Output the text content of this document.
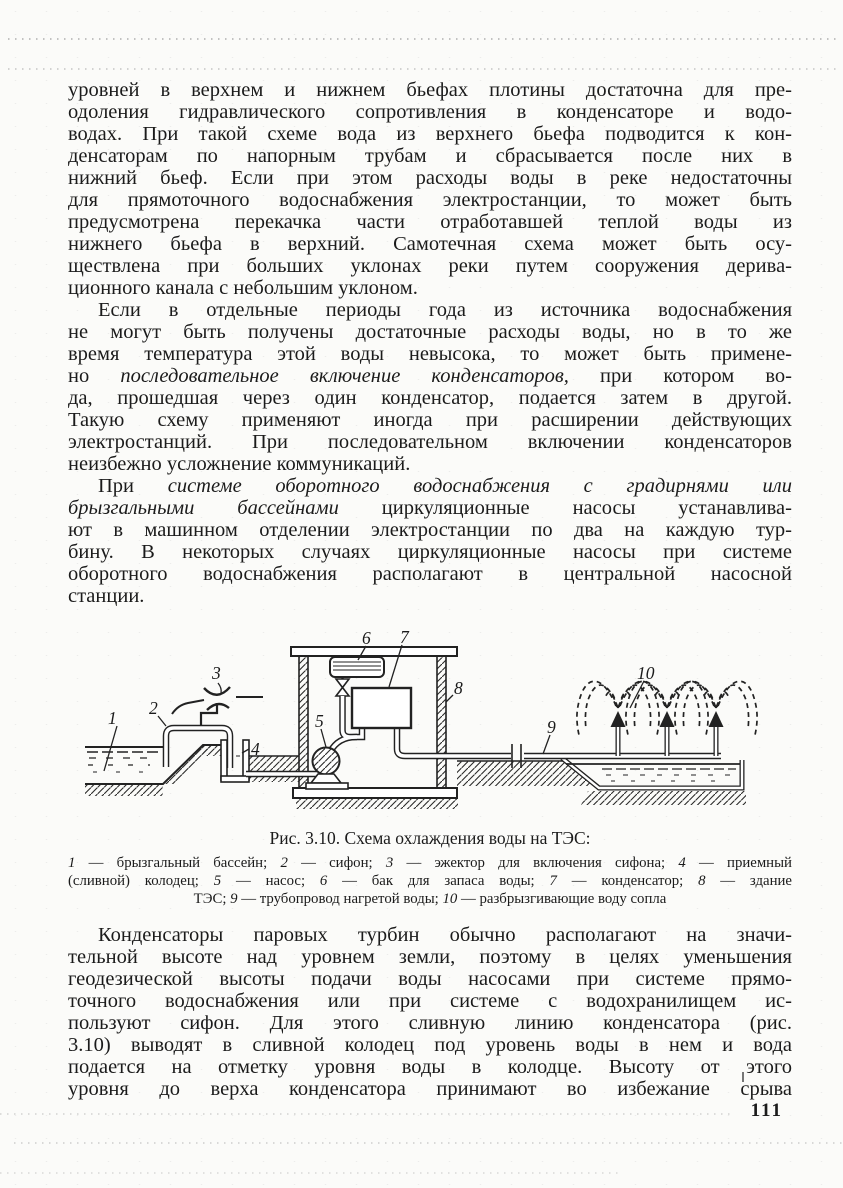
уровней в верхнем и нижнем бьефах плотины достаточна для пре-
одоления гидравлического сопротивления в конденсаторе и водо-
водах. При такой схеме вода из верхнего бьефа подводится к кон-
денсаторам по напорным трубам и сбрасывается после них в
нижний бьеф. Если при этом расходы воды в реке недостаточны
для прямоточного водоснабжения электростанции, то может быть
предусмотрена перекачка части отработавшей теплой воды из
нижнего бьефа в верхний. Самотечная схема может быть осу-
ществлена при больших уклонах реки путем сооружения дерива-
ционного канала с небольшим уклоном.
Если в отдельные периоды года из источника водоснабжения
не могут быть получены достаточные расходы воды, но в то же
время температура этой воды невысока, то может быть примене-
но последовательное включение конденсаторов, при котором во-
да, прошедшая через один конденсатор, подается затем в другой.
Такую схему применяют иногда при расширении действующих
электростанций. При последовательном включении конденсаторов
неизбежно усложнение коммуникаций.
При системе оборотного водоснабжения с градирнями или
брызгальными бассейнами циркуляционные насосы устанавлива-
ют в машинном отделении электростанции по два на каждую тур-
бину. В некоторых случаях циркуляционные насосы при системе
оборотного водоснабжения располагают в центральной насосной
станции.
1 2
3
4
5
6 7
8
9
10
Рис. 3.10. Схема охлаждения воды на ТЭС:
1 — брызгальный бассейн; 2 — сифон; 3 — эжектор для включения сифона; 4 — приемный
(сливной) колодец; 5 — насос; 6 — бак для запаса воды; 7 — конденсатор; 8 — здание
ТЭС; 9 — трубопровод нагретой воды; 10 — разбрызгивающие воду сопла
Конденсаторы паровых турбин обычно располагают на значи-
тельной высоте над уровнем земли, поэтому в целях уменьшения
геодезической высоты подачи воды насосами при системе прямо-
точного водоснабжения или при системе с водохранилищем ис-
пользуют сифон. Для этого сливную линию конденсатора (рис.
3.10) выводят в сливной колодец под уровень воды в нем и вода
подается на отметку уровня воды в колодце. Высоту от этого
уровня до верха конденсатора принимают во избежание срыва
111
